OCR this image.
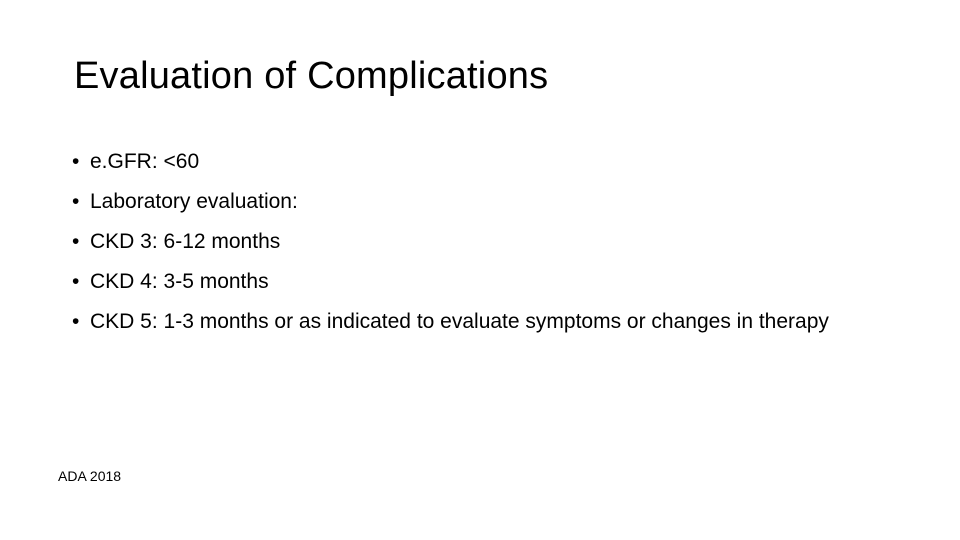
Evaluation of Complications
• e.GFR: <60
• Laboratory evaluation:
• CKD 3: 6-12 months
• CKD 4: 3-5 months
• CKD 5: 1-3 months or as indicated to evaluate symptoms or changes in therapy
ADA 2018
